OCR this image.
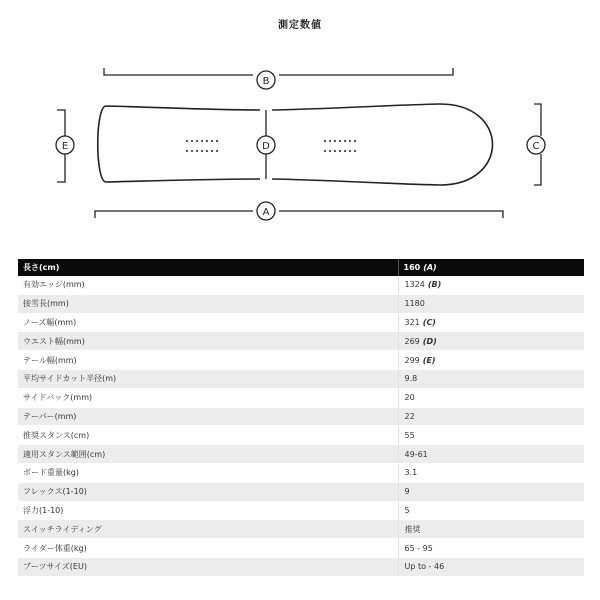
測定数値
B
D
E	C
A
長さ(cm)	160 (A)
有効エッジ(mm)	1324 (B)
接雪長(mm)	1180
ノーズ幅(mm)	321 (C)
ウエスト幅(mm)	269 (D)
テール幅(mm)	299 (E)
平均サイドカット半径(m)	9.8
サイドバック(mm)	20
テーパー(mm)	22
推奨スタンス(cm)	55
適用スタンス範囲(cm)	49-61
ボード重量(kg)	3.1
フレックス(1-10)	9
浮力(1-10)	5
スイッチライディング	推奨
ライダー体重(kg)	65 - 95
ブーツサイズ(EU)	Up to - 46
